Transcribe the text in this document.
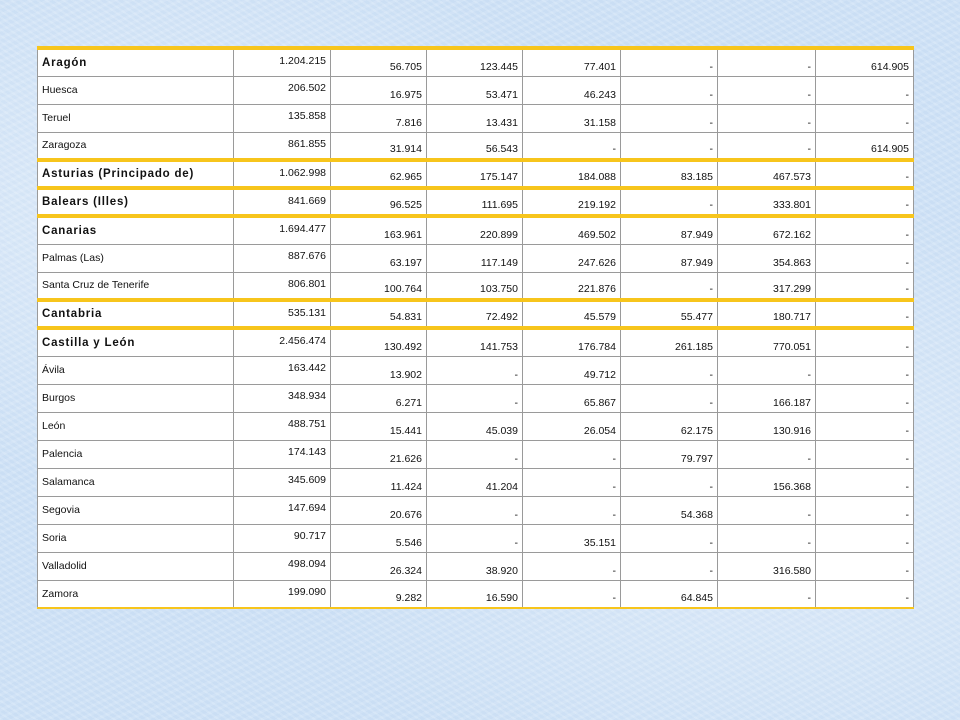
Aragón	1.204.215	56.705	123.445	77.401	-	-	614.905
Huesca	206.502	16.975	53.471	46.243	-	-	-
Teruel	135.858	7.816	13.431	31.158	-	-	-
Zaragoza	861.855	31.914	56.543	-	-	-	614.905
Asturias (Principado de)	1.062.998	62.965	175.147	184.088	83.185	467.573	-
Balears (Illes)	841.669	96.525	111.695	219.192	-	333.801	-
Canarias	1.694.477	163.961	220.899	469.502	87.949	672.162	-
Palmas (Las)	887.676	63.197	117.149	247.626	87.949	354.863	-
Santa Cruz de Tenerife	806.801	100.764	103.750	221.876	-	317.299	-
Cantabria	535.131	54.831	72.492	45.579	55.477	180.717	-
Castilla y León	2.456.474	130.492	141.753	176.784	261.185	770.051	-
Ávila	163.442	13.902	-	49.712	-	-	-
Burgos	348.934	6.271	-	65.867	-	166.187	-
León	488.751	15.441	45.039	26.054	62.175	130.916	-
Palencia	174.143	21.626	-	-	79.797	-	-
Salamanca	345.609	11.424	41.204	-	-	156.368	-
Segovia	147.694	20.676	-	-	54.368	-	-
Soria	90.717	5.546	-	35.151	-	-	-
Valladolid	498.094	26.324	38.920	-	-	316.580	-
Zamora	199.090	9.282	16.590	-	64.845	-	-
